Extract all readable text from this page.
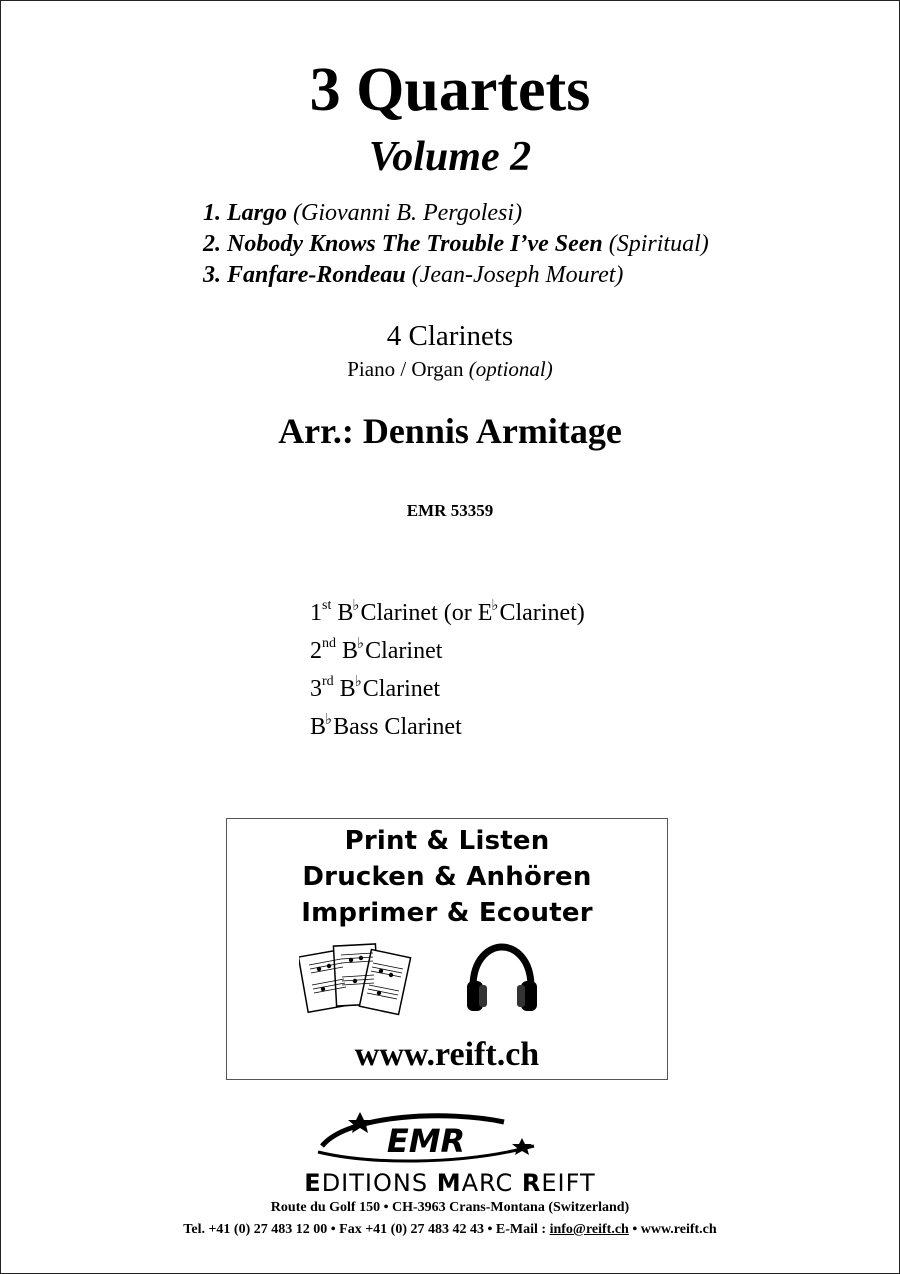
3 Quartets
Volume 2
1. Largo (Giovanni B. Pergolesi)
2. Nobody Knows The Trouble I’ve Seen (Spiritual)
3. Fanfare-Rondeau (Jean-Joseph Mouret)
4 Clarinets
Piano / Organ (optional)
Arr.: Dennis Armitage
EMR 53359
1st B♭Clarinet (or E♭Clarinet)
2nd B♭Clarinet
3rd B♭Clarinet
B♭Bass Clarinet
Print & Listen
Drucken & Anhören
Imprimer & Ecouter
www.reift.ch
EMR
EDITIONS MARC REIFT
Route du Golf 150 • CH-3963 Crans-Montana (Switzerland)
Tel. +41 (0) 27 483 12 00 • Fax +41 (0) 27 483 42 43 • E-Mail : info@reift.ch • www.reift.ch
